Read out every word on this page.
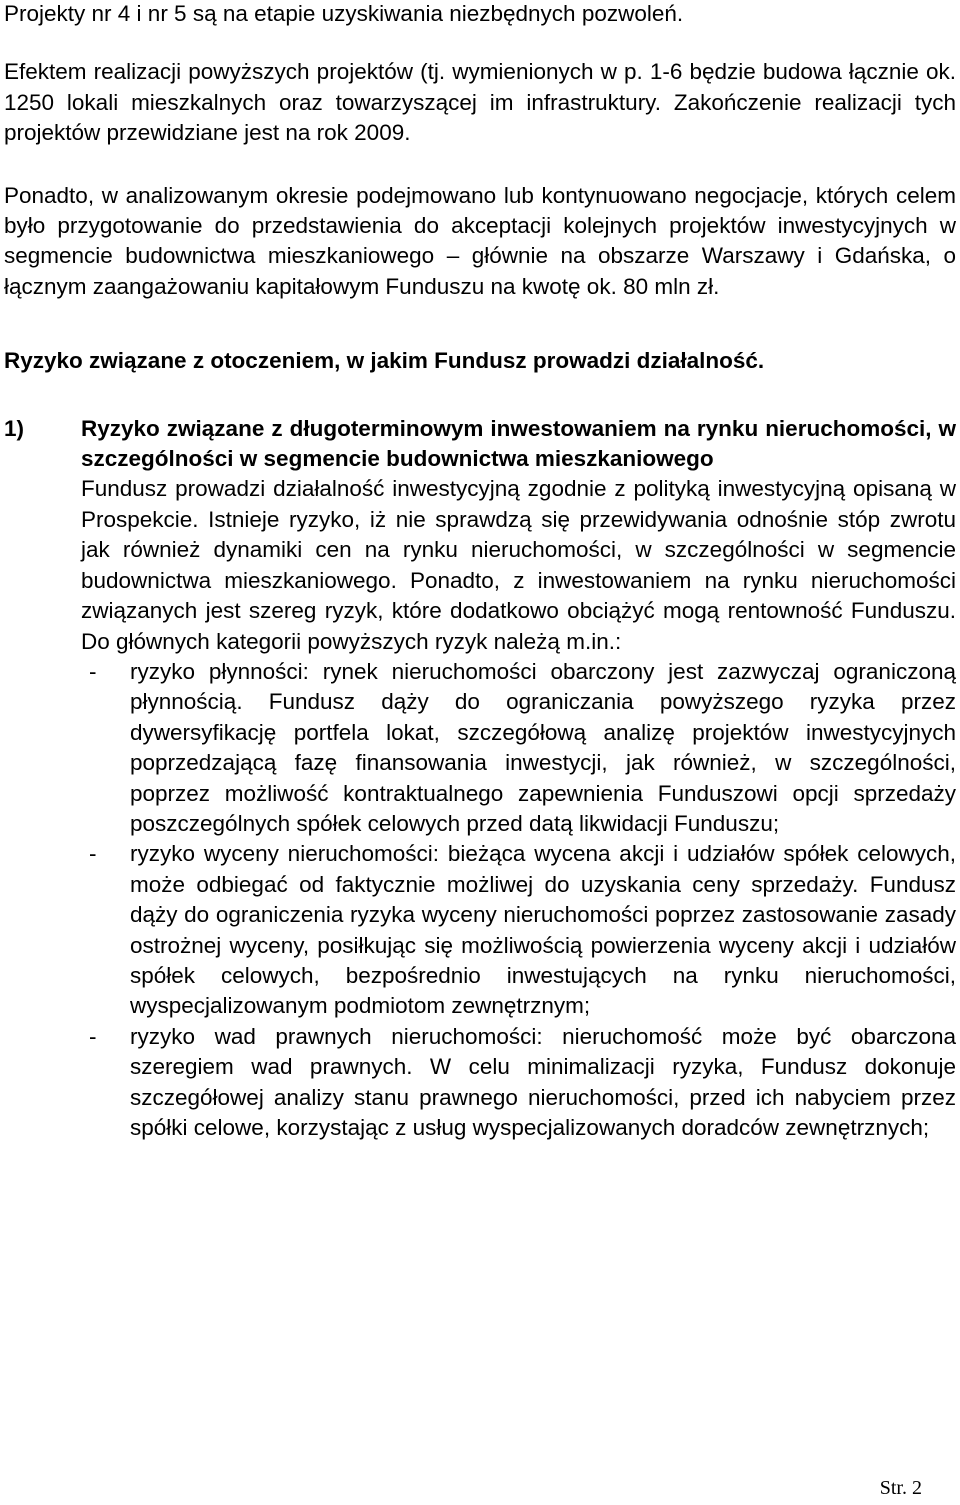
Projekty nr 4 i nr 5 są na etapie uzyskiwania niezbędnych pozwoleń.

Efektem realizacji powyższych projektów (tj. wymienionych w p. 1-6 będzie budowa łącznie ok. 1250 lokali mieszkalnych oraz towarzyszącej im infrastruktury. Zakończenie realizacji tych projektów przewidziane jest na rok 2009.

Ponadto, w analizowanym okresie podejmowano lub kontynuowano negocjacje, których celem było przygotowanie do przedstawienia do akceptacji kolejnych projektów inwestycyjnych w segmencie budownictwa mieszkaniowego – głównie na obszarze Warszawy i Gdańska, o łącznym zaangażowaniu kapitałowym Funduszu na kwotę ok. 80 mln zł.

Ryzyko związane z otoczeniem, w jakim Fundusz prowadzi działalność.

1)	Ryzyko związane z długoterminowym inwestowaniem na rynku nieruchomości, w szczególności w segmencie budownictwa mieszkaniowego

Fundusz prowadzi działalność inwestycyjną zgodnie z polityką inwestycyjną opisaną w Prospekcie. Istnieje ryzyko, iż nie sprawdzą się przewidywania odnośnie stóp zwrotu jak również dynamiki cen na rynku nieruchomości, w szczególności w segmencie budownictwa mieszkaniowego. Ponadto, z inwestowaniem na rynku nieruchomości związanych jest szereg ryzyk, które dodatkowo obciążyć mogą rentowność Funduszu. Do głównych kategorii powyższych ryzyk należą m.in.:

- ryzyko płynności: rynek nieruchomości obarczony jest zazwyczaj ograniczoną płynnością. Fundusz dąży do ograniczania powyższego ryzyka przez dywersyfikację portfela lokat, szczegółową analizę projektów inwestycyjnych poprzedzającą fazę finansowania inwestycji, jak również, w szczególności, poprzez możliwość kontraktualnego zapewnienia Funduszowi opcji sprzedaży poszczególnych spółek celowych przed datą likwidacji Funduszu;
- ryzyko wyceny nieruchomości: bieżąca wycena akcji i udziałów spółek celowych, może odbiegać od faktycznie możliwej do uzyskania ceny sprzedaży. Fundusz dąży do ograniczenia ryzyka wyceny nieruchomości poprzez zastosowanie zasady ostrożnej wyceny, posiłkując się możliwością powierzenia wyceny akcji i udziałów spółek celowych, bezpośrednio inwestujących na rynku nieruchomości, wyspecjalizowanym podmiotom zewnętrznym;
- ryzyko wad prawnych nieruchomości: nieruchomość może być obarczona szeregiem wad prawnych. W celu minimalizacji ryzyka, Fundusz dokonuje szczegółowej analizy stanu prawnego nieruchomości, przed ich nabyciem przez spółki celowe, korzystając z usług wyspecjalizowanych doradców zewnętrznych;
Str. 2
